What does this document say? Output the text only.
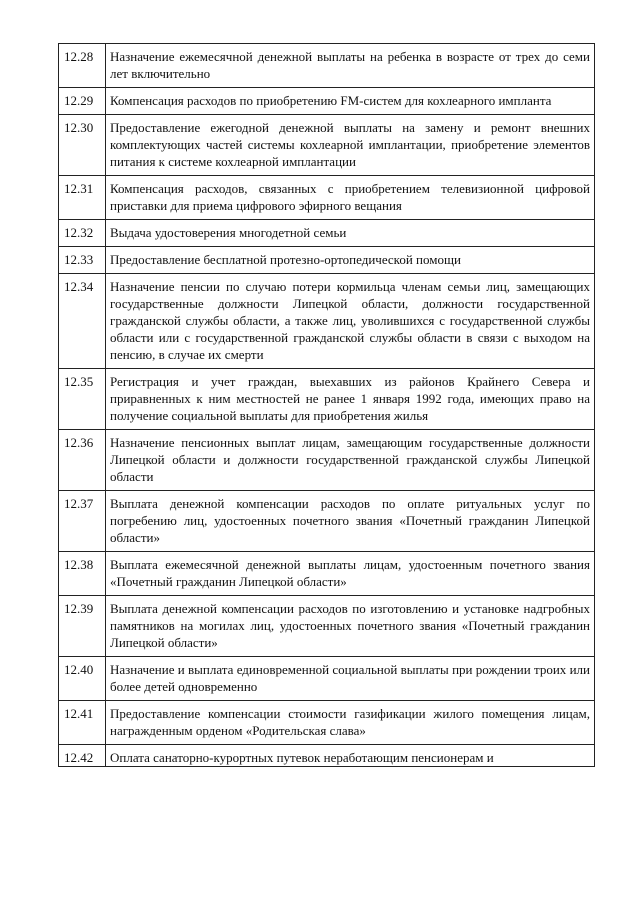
12.28	Назначение ежемесячной денежной выплаты на ребенка в возрасте от трех до семи лет включительно
12.29	Компенсация расходов по приобретению FM-систем для кохлеарного импланта
12.30	Предоставление ежегодной денежной выплаты на замену и ремонт внешних комплектующих частей системы кохлеарной имплантации, приобретение элементов питания к системе кохлеарной имплантации
12.31	Компенсация расходов, связанных с приобретением телевизионной цифровой приставки для приема цифрового эфирного вещания
12.32	Выдача удостоверения многодетной семьи
12.33	Предоставление бесплатной протезно-ортопедической помощи
12.34	Назначение пенсии по случаю потери кормильца членам семьи лиц, замещающих государственные должности Липецкой области, должности государственной гражданской службы области, а также лиц, уволившихся с государственной службы области или с государственной гражданской службы области в связи с выходом на пенсию, в случае их смерти
12.35	Регистрация и учет граждан, выехавших из районов Крайнего Севера и приравненных к ним местностей не ранее 1 января 1992 года, имеющих право на получение социальной выплаты для приобретения жилья
12.36	Назначение пенсионных выплат лицам, замещающим государственные должности Липецкой области и должности государственной гражданской службы Липецкой области
12.37	Выплата денежной компенсации расходов по оплате ритуальных услуг по погребению лиц, удостоенных почетного звания «Почетный гражданин Липецкой области»
12.38	Выплата ежемесячной денежной выплаты лицам, удостоенным почетного звания «Почетный гражданин Липецкой области»
12.39	Выплата денежной компенсации расходов по изготовлению и установке надгробных памятников на могилах лиц, удостоенных почетного звания «Почетный гражданин Липецкой области»
12.40	Назначение и выплата единовременной социальной выплаты при рождении троих или более детей одновременно
12.41	Предоставление компенсации стоимости газификации жилого помещения лицам, награжденным орденом «Родительская слава»
12.42	Оплата санаторно-курортных путевок неработающим пенсионерам и
